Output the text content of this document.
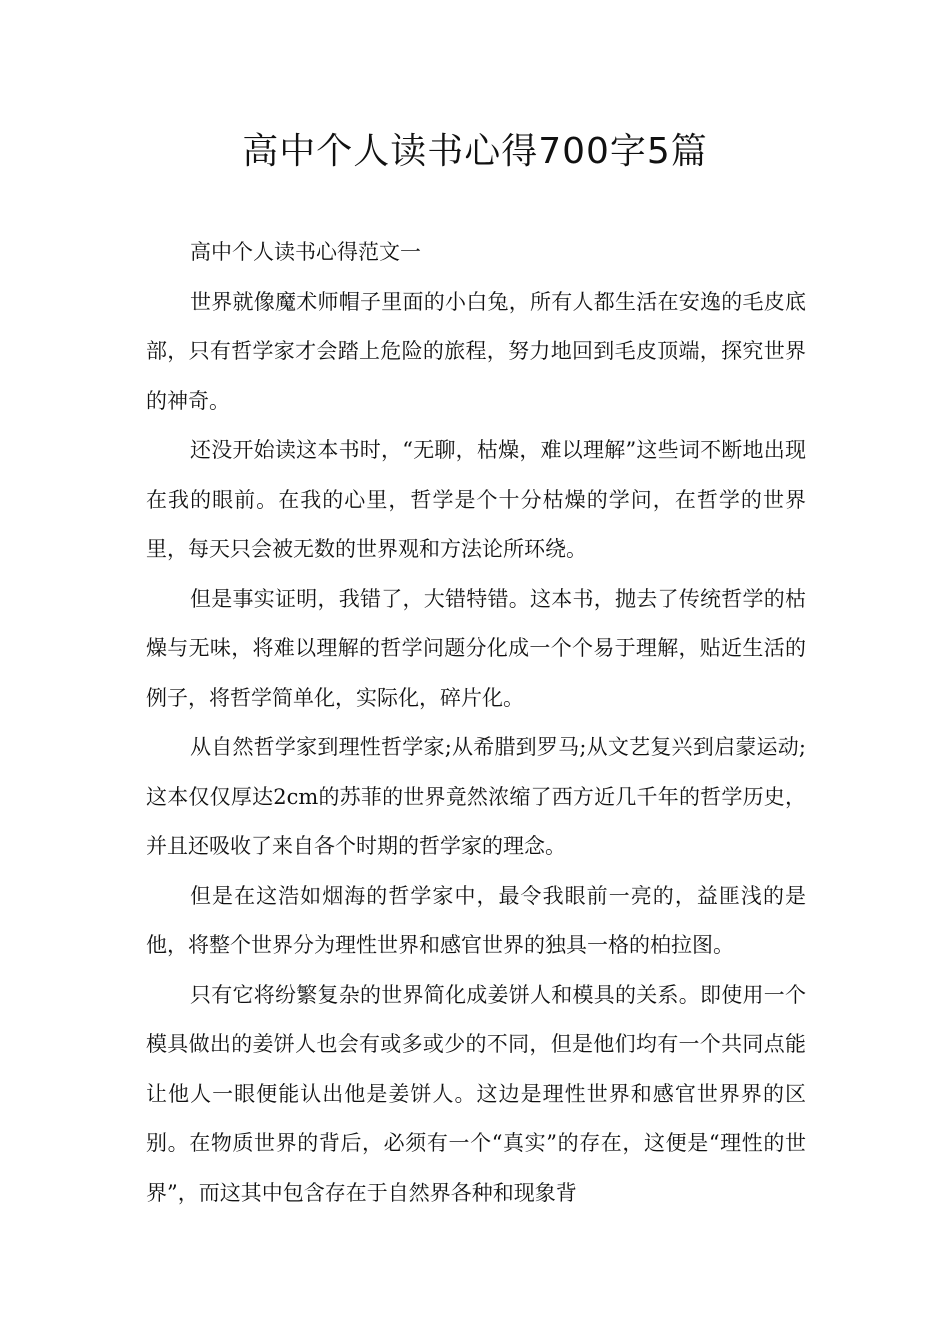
高中个人读书心得700字5篇

高中个人读书心得范文一

世界就像魔术师帽子里面的小白兔，所有人都生活在安逸的毛皮底部，只有哲学家才会踏上危险的旅程，努力地回到毛皮顶端，探究世界的神奇。

还没开始读这本书时，“无聊，枯燥，难以理解”这些词不断地出现在我的眼前。在我的心里，哲学是个十分枯燥的学问，在哲学的世界里，每天只会被无数的世界观和方法论所环绕。

但是事实证明，我错了，大错特错。这本书，抛去了传统哲学的枯燥与无味，将难以理解的哲学问题分化成一个个易于理解，贴近生活的例子，将哲学简单化，实际化，碎片化。

从自然哲学家到理性哲学家;从希腊到罗马;从文艺复兴到启蒙运动;这本仅仅厚达2cm的苏菲的世界竟然浓缩了西方近几千年的哲学历史，并且还吸收了来自各个时期的哲学家的理念。

但是在这浩如烟海的哲学家中，最令我眼前一亮的，益匪浅的是他，将整个世界分为理性世界和感官世界的独具一格的柏拉图。

只有它将纷繁复杂的世界简化成姜饼人和模具的关系。即使用一个模具做出的姜饼人也会有或多或少的不同，但是他们均有一个共同点能让他人一眼便能认出他是姜饼人。这边是理性世界和感官世界界的区别。在物质世界的背后，必须有一个“真实”的存在，这便是“理性的世界”，而这其中包含存在于自然界各种和现象背
